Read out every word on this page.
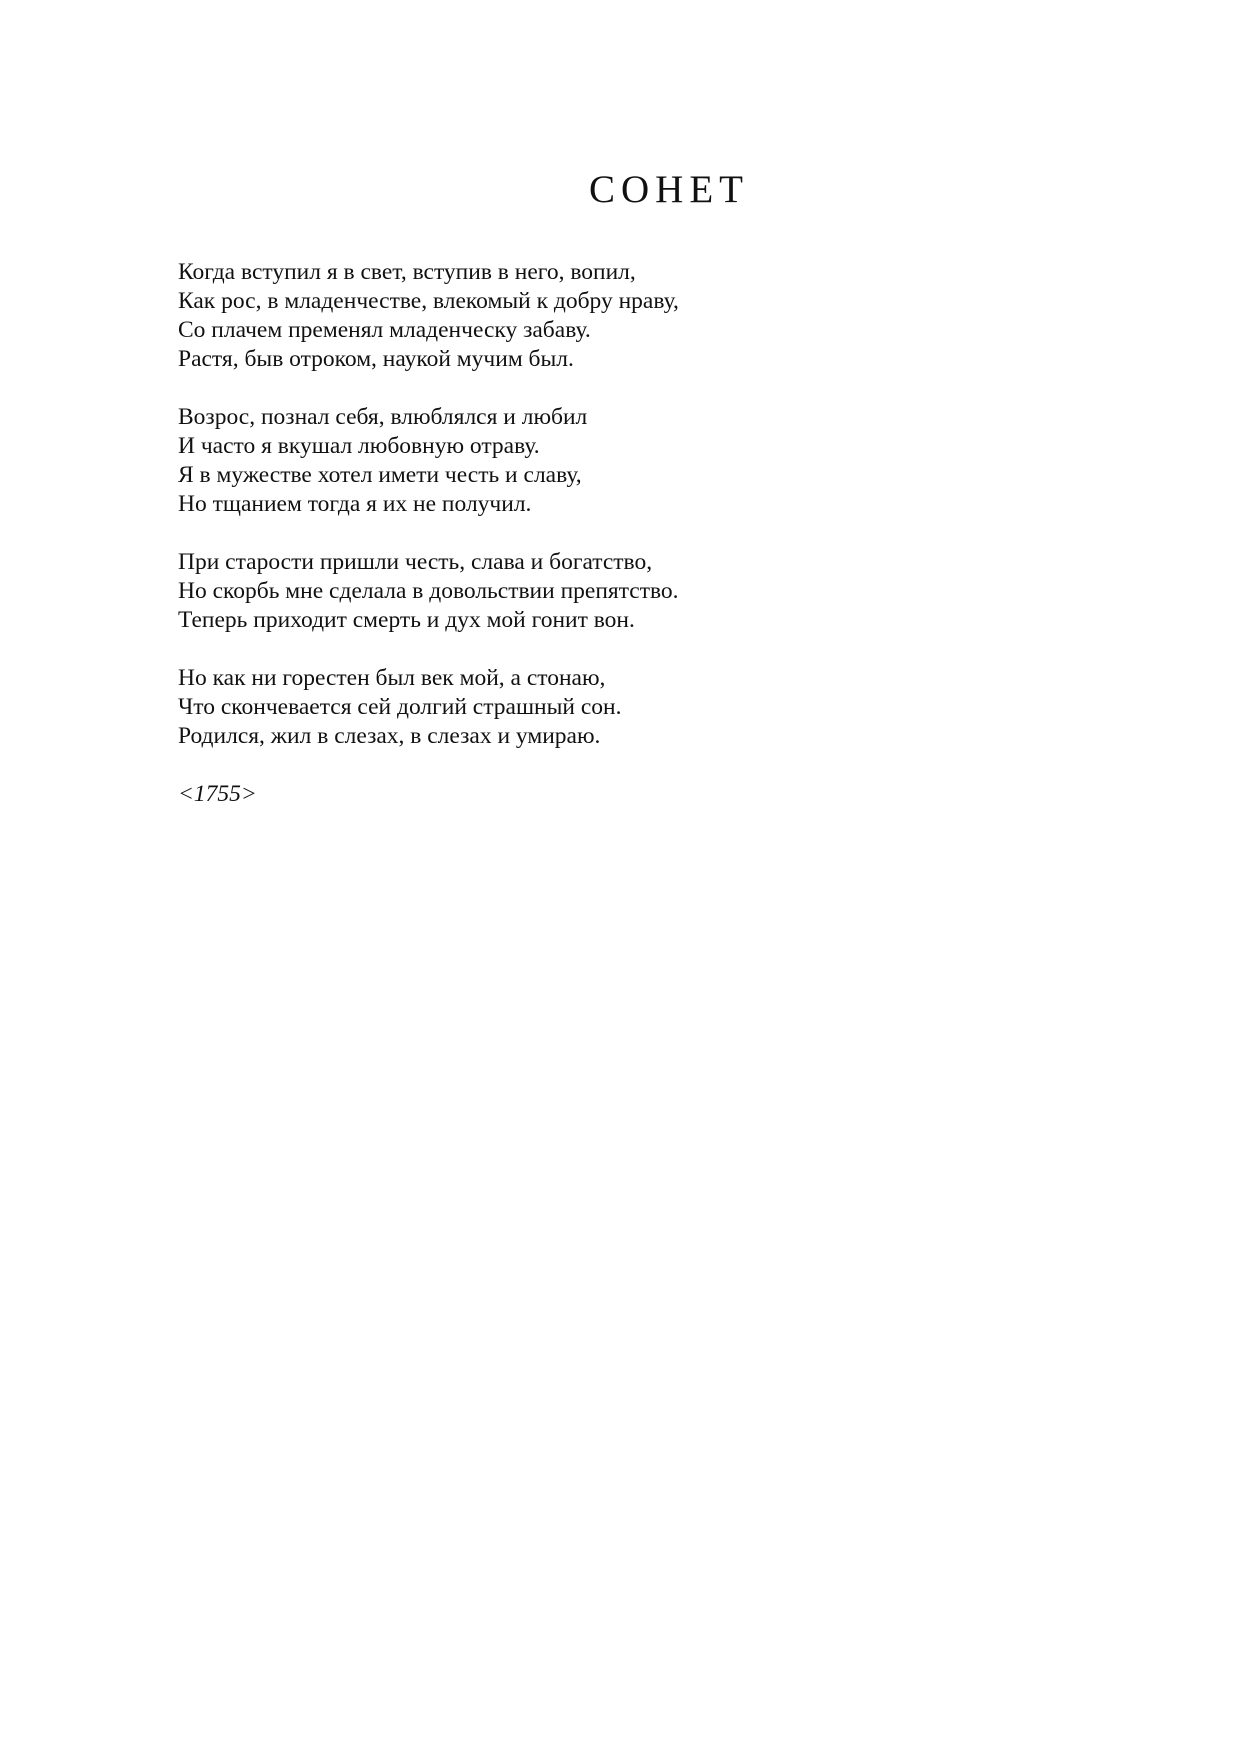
СОНЕТ
Когда вступил я в свет, вступив в него, вопил,
Как рос, в младенчестве, влекомый к добру нраву,
Со плачем пременял младенческу забаву.
Растя, быв отроком, наукой мучим был.
Возрос, познал себя, влюблялся и любил
И часто я вкушал любовную отраву.
Я в мужестве хотел имети честь и славу,
Но тщанием тогда я их не получил.
При старости пришли честь, слава и богатство,
Но скорбь мне сделала в довольствии препятство.
Теперь приходит смерть и дух мой гонит вон.
Но как ни горестен был век мой, а стонаю,
Что скончевается сей долгий страшный сон.
Родился, жил в слезах, в слезах и умираю.
<1755>
